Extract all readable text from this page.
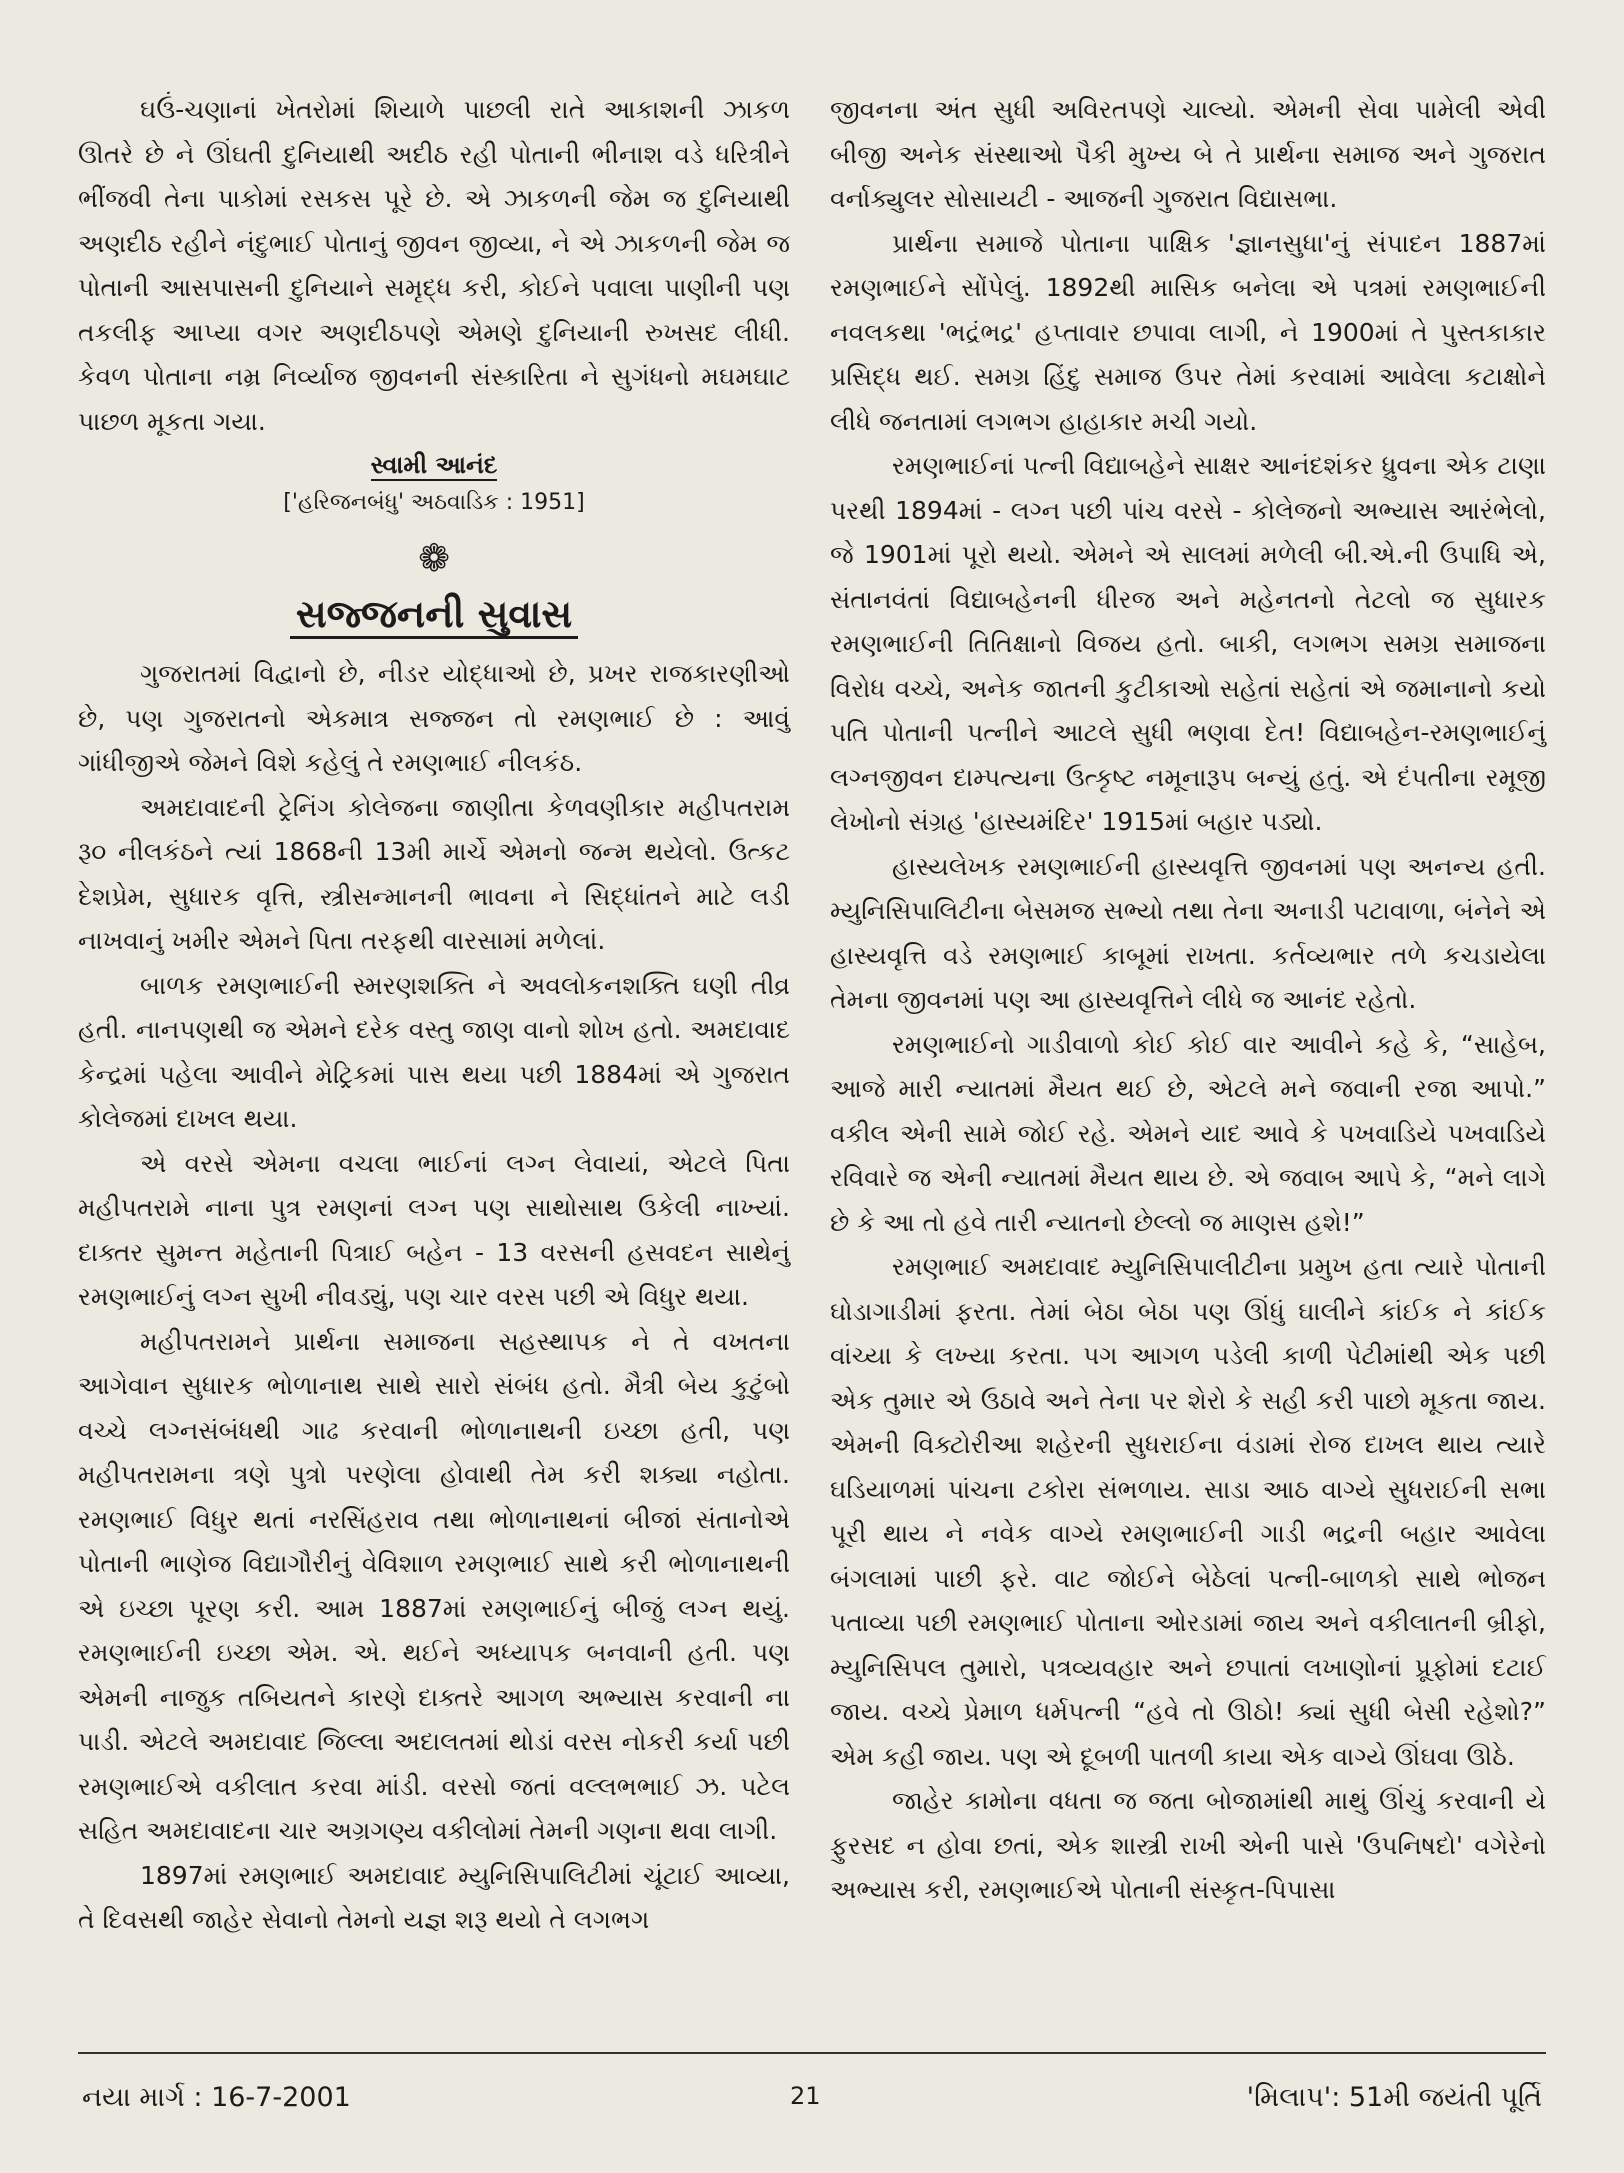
ઘઉં-ચણાનાં ખેતરોમાં શિયાળે પાછલી રાતે આકાશની ઝાકળ ઊતરે છે ને ઊંઘતી દુનિયાથી અદીઠ રહી પોતાની ભીનાશ વડે ધરિત્રીને ભીંજવી તેના પાકોમાં રસકસ પૂરે છે. એ ઝાકળની જેમ જ દુનિયાથી અણદીઠ રહીને નંદુભાઈ પોતાનું જીવન જીવ્યા, ને એ ઝાકળની જેમ જ પોતાની આસપાસની દુનિયાને સમૃદ્ધ કરી, કોઈને પવાલા પાણીની પણ તકલીફ આપ્યા વગર અણદીઠપણે એમણે દુનિયાની રુખસદ લીધી. કેવળ પોતાના નમ્ર નિર્વ્યાજ જીવનની સંસ્કારિતા ને સુગંધનો મઘમઘાટ પાછળ મૂકતા ગયા.

સ્વામી આનંદ
['હરિજનબંધુ' અઠવાડિક : 1951]
❁
સજ્જનની સુવાસ

ગુજરાતમાં વિદ્વાનો છે, નીડર યોદ્ધાઓ છે, પ્રખર રાજકારણીઓ છે, પણ ગુજરાતનો એકમાત્ર સજ્જન તો રમણભાઈ છે : આવું ગાંધીજીએ જેમને વિશે કહેલું તે રમણભાઈ નીલકંઠ.

અમદાવાદની ટ્રેનિંગ કોલેજના જાણીતા કેળવણીકાર મહીપતરામ રૂ૦ નીલકંઠને ત્યાં 1868ની 13મી માર્ચે એમનો જન્મ થયેલો. ઉત્કટ દેશપ્રેમ, સુધારક વૃત્તિ, સ્ત્રીસન્માનની ભાવના ને સિદ્ધાંતને માટે લડી નાખવાનું ખમીર એમને પિતા તરફથી વારસામાં મળેલાં.

બાળક રમણભાઈની સ્મરણશક્તિ ને અવલોકનશક્તિ ઘણી તીવ્ર હતી. નાનપણથી જ એમને દરેક વસ્તુ જાણ વાનો શોખ હતો. અમદાવાદ કેન્દ્રમાં પહેલા આવીને મેટ્રિકમાં પાસ થયા પછી 1884માં એ ગુજરાત કોલેજમાં દાખલ થયા.

એ વરસે એમના વચલા ભાઈનાં લગ્ન લેવાયાં, એટલે પિતા મહીપતરામે નાના પુત્ર રમણનાં લગ્ન પણ સાથોસાથ ઉકેલી નાખ્યાં. દાક્તર સુમન્ત મહેતાની પિત્રાઈ બહેન - 13 વરસની હસવદન સાથેનું રમણભાઈનું લગ્ન સુખી નીવડ્યું, પણ ચાર વરસ પછી એ વિધુર થયા.

મહીપતરામને પ્રાર્થના સમાજના સહસ્થાપક ને તે વખતના આગેવાન સુધારક ભોળાનાથ સાથે સારો સંબંધ હતો. મૈત્રી બેય કુટુંબો વચ્ચે લગ્નસંબંધથી ગાઢ કરવાની ભોળાનાથની ઇચ્છા હતી, પણ મહીપતરામના ત્રણે પુત્રો પરણેલા હોવાથી તેમ કરી શક્યા નહોતા. રમણભાઈ વિધુર થતાં નરસિંહરાવ તથા ભોળાનાથનાં બીજાં સંતાનોએ પોતાની ભાણેજ વિદ્યાગૌરીનું વેવિશાળ રમણભાઈ સાથે કરી ભોળાનાથની એ ઇચ્છા પૂરણ કરી. આમ 1887માં રમણભાઈનું બીજું લગ્ન થયું. રમણભાઈની ઇચ્છા એમ. એ. થઈને અધ્યાપક બનવાની હતી. પણ એમની નાજુક તબિયતને કારણે દાક્તરે આગળ અભ્યાસ કરવાની ના પાડી. એટલે અમદાવાદ જિલ્લા અદાલતમાં થોડાં વરસ નોકરી કર્યા પછી રમણભાઈએ વકીલાત કરવા માંડી. વરસો જતાં વલ્લભભાઈ ઝ. પટેલ સહિત અમદાવાદના ચાર અગ્રગણ્ય વકીલોમાં તેમની ગણના થવા લાગી.

1897માં રમણભાઈ અમદાવાદ મ્યુનિસિપાલિટીમાં ચૂંટાઈ આવ્યા, તે દિવસથી જાહેર સેવાનો તેમનો યજ્ઞ શરૂ થયો તે લગભગ

જીવનના અંત સુધી અવિરતપણે ચાલ્યો. એમની સેવા પામેલી એવી બીજી અનેક સંસ્થાઓ પૈકી મુખ્ય બે તે પ્રાર્થના સમાજ અને ગુજરાત વર્નાક્યુલર સોસાયટી - આજની ગુજરાત વિદ્યાસભા.

પ્રાર્થના સમાજે પોતાના પાક્ષિક 'જ્ઞાનસુધા'નું સંપાદન 1887માં રમણભાઈને સોંપેલું. 1892થી માસિક બનેલા એ પત્રમાં રમણભાઈની નવલકથા 'ભદ્રંભદ્ર' હપ્તાવાર છપાવા લાગી, ને 1900માં તે પુસ્તકાકાર પ્રસિદ્ધ થઈ. સમગ્ર હિંદુ સમાજ ઉપર તેમાં કરવામાં આવેલા કટાક્ષોને લીધે જનતામાં લગભગ હાહાકાર મચી ગયો.

રમણભાઈનાં પત્ની વિદ્યાબહેને સાક્ષર આનંદશંકર ધ્રુવના એક ટાણા પરથી 1894માં - લગ્ન પછી પાંચ વરસે - કોલેજનો અભ્યાસ આરંભેલો, જે 1901માં પૂરો થયો. એમને એ સાલમાં મળેલી બી.એ.ની ઉપાધિ એ, સંતાનવંતાં વિદ્યાબહેનની ધીરજ અને મહેનતનો તેટલો જ સુધારક રમણભાઈની તિતિક્ષાનો વિજય હતો. બાકી, લગભગ સમગ્ર સમાજના વિરોધ વચ્ચે, અનેક જાતની કુટીકાઓ સહેતાં સહેતાં એ જમાનાનો કયો પતિ પોતાની પત્નીને આટલે સુધી ભણવા દેત! વિદ્યાબહેન-રમણભાઈનું લગ્નજીવન દામ્પત્યના ઉત્કૃષ્ટ નમૂનારૂપ બન્યું હતું. એ દંપતીના રમૂજી લેખોનો સંગ્રહ 'હાસ્યમંદિર' 1915માં બહાર પડ્યો.

હાસ્યલેખક રમણભાઈની હાસ્યવૃત્તિ જીવનમાં પણ અનન્ય હતી. મ્યુનિસિપાલિટીના બેસમજ સભ્યો તથા તેના અનાડી પટાવાળા, બંનેને એ હાસ્યવૃત્તિ વડે રમણભાઈ કાબૂમાં રાખતા. કર્તવ્યભાર તળે કચડાયેલા તેમના જીવનમાં પણ આ હાસ્યવૃત્તિને લીધે જ આનંદ રહેતો.

રમણભાઈનો ગાડીવાળો કોઈ કોઈ વાર આવીને કહે કે, “સાહેબ, આજે મારી ન્યાતમાં મૈયત થઈ છે, એટલે મને જવાની રજા આપો.” વકીલ એની સામે જોઈ રહે. એમને યાદ આવે કે પખવાડિયે પખવાડિયે રવિવારે જ એની ન્યાતમાં મૈયત થાય છે. એ જવાબ આપે કે, “મને લાગે છે કે આ તો હવે તારી ન્યાતનો છેલ્લો જ માણસ હશે!”

રમણભાઈ અમદાવાદ મ્યુનિસિપાલીટીના પ્રમુખ હતા ત્યારે પોતાની ઘોડાગાડીમાં ફરતા. તેમાં બેઠા બેઠા પણ ઊંધું ઘાલીને કાંઈક ને કાંઈક વાંચ્યા કે લખ્યા કરતા. પગ આગળ પડેલી કાળી પેટીમાંથી એક પછી એક તુમાર એ ઉઠાવે અને તેના પર શેરો કે સહી કરી પાછો મૂકતા જાય. એમની વિક્ટોરીઆ શહેરની સુધરાઈના વંડામાં રોજ દાખલ થાય ત્યારે ઘડિયાળમાં પાંચના ટકોરા સંભળાય. સાડા આઠ વાગ્યે સુધરાઈની સભા પૂરી થાય ને નવેક વાગ્યે રમણભાઈની ગાડી ભદ્રની બહાર આવેલા બંગલામાં પાછી ફરે. વાટ જોઈને બેઠેલાં પત્ની-બાળકો સાથે ભોજન પતાવ્યા પછી રમણભાઈ પોતાના ઓરડામાં જાય અને વકીલાતની બ્રીફો, મ્યુનિસિપલ તુમારો, પત્રવ્યવહાર અને છપાતાં લખાણોનાં પ્રૂફોમાં દટાઈ જાય. વચ્ચે પ્રેમાળ ધર્મપત્ની “હવે તો ઊઠો! ક્યાં સુધી બેસી રહેશો?” એમ કહી જાય. પણ એ દૂબળી પાતળી કાયા એક વાગ્યે ઊંઘવા ઊઠે.

જાહેર કામોના વધતા જ જતા બોજામાંથી માથું ઊંચું કરવાની યે ફુરસદ ન હોવા છતાં, એક શાસ્ત્રી રાખી એની પાસે 'ઉપનિષદો' વગેરેનો અભ્યાસ કરી, રમણભાઈએ પોતાની સંસ્કૃત-પિપાસા

નયા માર્ગ : 16-7-2001	21	'મિલાપ': 51મી જયંતી પૂર્તિ
